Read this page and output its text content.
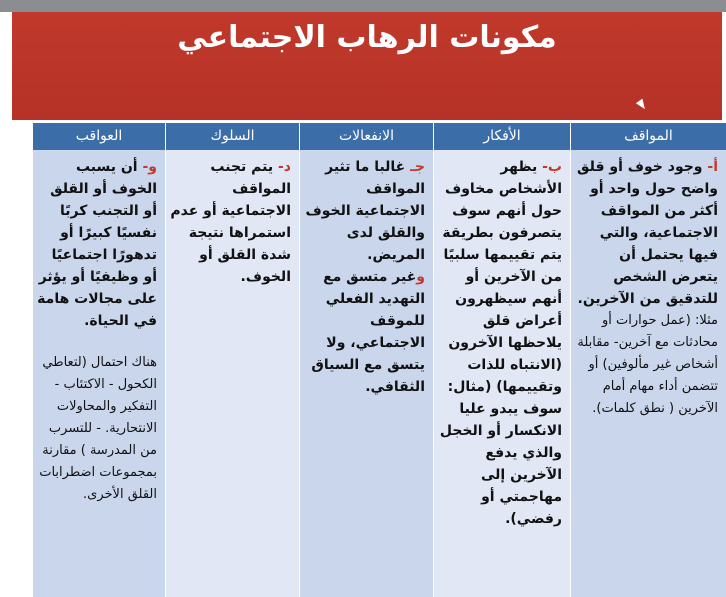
مكونات الرهاب الاجتماعي
المواقف
الأفكار
الانفعالات
السلوك
العواقب

أ- وجود خوف أو قلق واضح حول واحد أو أكثر من المواقف الاجتماعية، والتي فيها يحتمل أن يتعرض الشخص للتدقيق من الآخرين.

مثلا: (عمل حوارات أو محادثات مع آخرين- مقابلة أشخاص غير مألوفين) أو تتضمن أداء مهام أمام الآخرين ( نطق كلمات).

ب- يظهر الأشخاص مخاوف حول أنهم سوف يتصرفون بطريقة يتم تقييمها سلبيًا من الآخرين أو أنهم سيظهرون أعراض قلق يلاحظها الآخرون (الانتباه للذات وتقييمها) (مثال: سوف يبدو عليا الانكسار أو الخجل والذي يدفع الآخرين إلى مهاجمتي أو رفضي).

جـ غالبا ما تثير المواقف الاجتماعية الخوف والقلق لدى المريض.

وغير متسق مع التهديد الفعلي للموقف الاجتماعي، ولا يتسق مع السياق الثقافي.

د- يتم تجنب المواقف الاجتماعية أو عدم استمراها نتيجة شدة القلق أو الخوف.

و- أن يسبب الخوف أو القلق أو التجنب كربًا نفسيًا كبيرًا أو تدهورًا اجتماعيًا أو وظيفيًا أو يؤثر على مجالات هامة في الحياة.

هناك احتمال (لتعاطي الكحول - الاكتئاب - التفكير والمحاولات الانتحارية. - للتسرب من المدرسة ) مقارنة بمجموعات اضطرابات القلق الأخرى.
